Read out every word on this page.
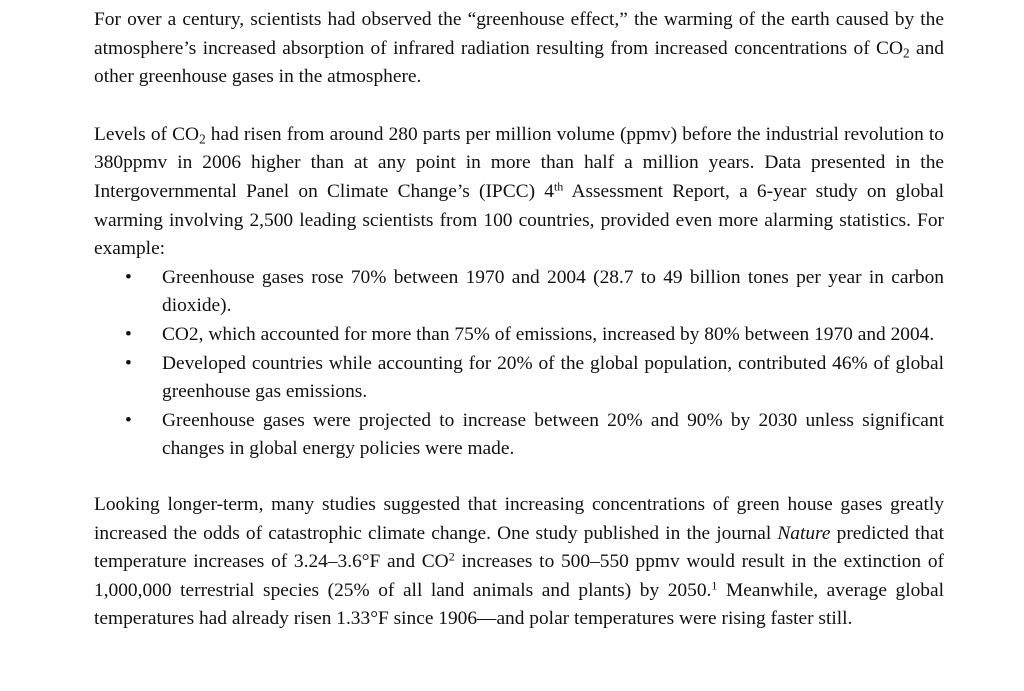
For over a century, scientists had observed the “greenhouse effect,” the warming of the earth caused by the atmosphere’s increased absorption of infrared radiation resulting from increased concentrations of $CO_2$ and other greenhouse gases in the atmosphere.

Levels of $CO_2$ had risen from around 280 parts per million volume (ppmv) before the industrial revolution to 380ppmv in 2006 higher than at any point in more than half a million years. Data presented in the Intergovernmental Panel on Climate Change’s (IPCC) 4th Assessment Report, a 6-year study on global warming involving 2,500 leading scientists from 100 countries, provided even more alarming statistics. For example:

• Greenhouse gases rose 70% between 1970 and 2004 (28.7 to 49 billion tones per year in carbon dioxide).
• CO2, which accounted for more than 75% of emissions, increased by 80% between 1970 and 2004.
• Developed countries while accounting for 20% of the global population, contributed 46% of global greenhouse gas emissions.
• Greenhouse gases were projected to increase between 20% and 90% by 2030 unless significant changes in global energy policies were made.

Looking longer-term, many studies suggested that increasing concentrations of green house gases greatly increased the odds of catastrophic climate change. One study published in the journal Nature predicted that temperature increases of 3.24–3.6°F and $CO^2$ increases to 500–550 ppmv would result in the extinction of 1,000,000 terrestrial species (25% of all land animals and plants) by 2050.$^1$ Meanwhile, average global temperatures had already risen 1.33°F since 1906—and polar temperatures were rising faster still.
